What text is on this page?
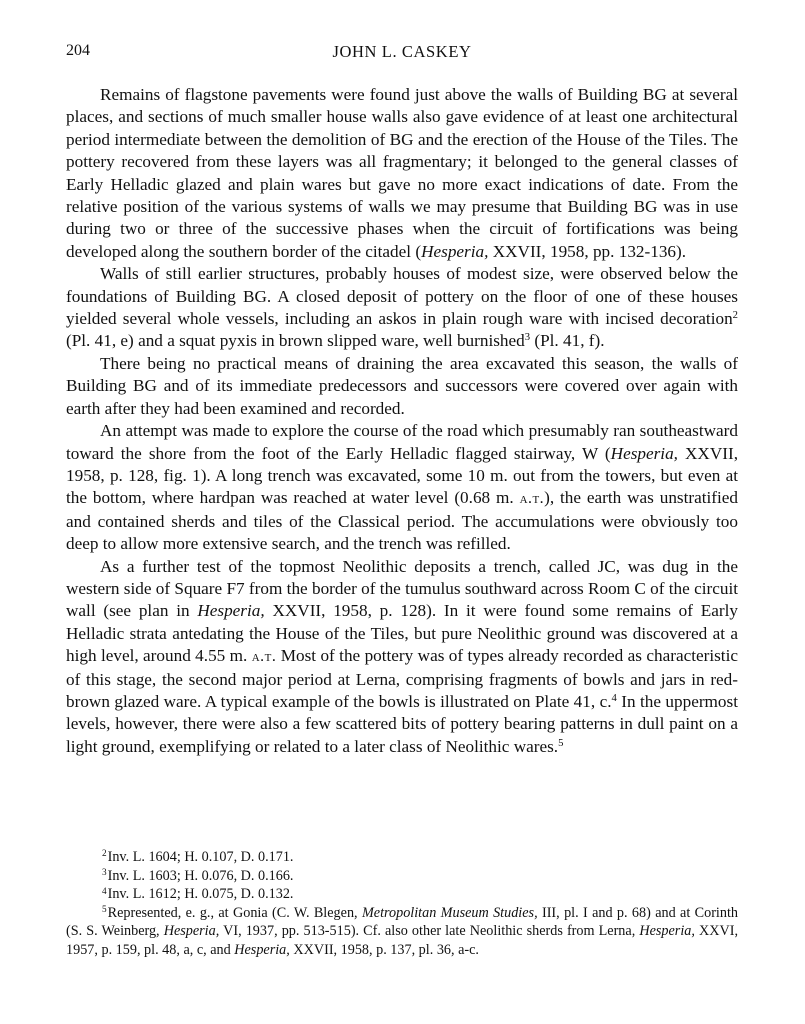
204	JOHN L. CASKEY

Remains of flagstone pavements were found just above the walls of Building BG at several places, and sections of much smaller house walls also gave evidence of at least one architectural period intermediate between the demolition of BG and the erection of the House of the Tiles. The pottery recovered from these layers was all fragmentary; it belonged to the general classes of Early Helladic glazed and plain wares but gave no more exact indications of date. From the relative position of the various systems of walls we may presume that Building BG was in use during two or three of the successive phases when the circuit of fortifications was being developed along the southern border of the citadel (Hesperia, XXVII, 1958, pp. 132-136).

Walls of still earlier structures, probably houses of modest size, were observed below the foundations of Building BG. A closed deposit of pottery on the floor of one of these houses yielded several whole vessels, including an askos in plain rough ware with incised decoration$^2$ (Pl. 41, e) and a squat pyxis in brown slipped ware, well burnished$^3$ (Pl. 41, f).

There being no practical means of draining the area excavated this season, the walls of Building BG and of its immediate predecessors and successors were covered over again with earth after they had been examined and recorded.

An attempt was made to explore the course of the road which presumably ran southeastward toward the shore from the foot of the Early Helladic flagged stairway, W (Hesperia, XXVII, 1958, p. 128, fig. 1). A long trench was excavated, some 10 m. out from the towers, but even at the bottom, where hardpan was reached at water level (0.68 m. a.t.), the earth was unstratified and contained sherds and tiles of the Classical period. The accumulations were obviously too deep to allow more extensive search, and the trench was refilled.

As a further test of the topmost Neolithic deposits a trench, called JC, was dug in the western side of Square F7 from the border of the tumulus southward across Room C of the circuit wall (see plan in Hesperia, XXVII, 1958, p. 128). In it were found some remains of Early Helladic strata antedating the House of the Tiles, but pure Neolithic ground was discovered at a high level, around 4.55 m. a.t. Most of the pottery was of types already recorded as characteristic of this stage, the second major period at Lerna, comprising fragments of bowls and jars in red-brown glazed ware. A typical example of the bowls is illustrated on Plate 41, c.$^4$ In the uppermost levels, however, there were also a few scattered bits of pottery bearing patterns in dull paint on a light ground, exemplifying or related to a later class of Neolithic wares.$^5$

$^2$Inv. L. 1604; H. 0.107, D. 0.171.

$^3$Inv. L. 1603; H. 0.076, D. 0.166.

$^4$Inv. L. 1612; H. 0.075, D. 0.132.

$^5$Represented, e. g., at Gonia (C. W. Blegen, Metropolitan Museum Studies, III, pl. I and p. 68) and at Corinth (S. S. Weinberg, Hesperia, VI, 1937, pp. 513-515). Cf. also other late Neolithic sherds from Lerna, Hesperia, XXVI, 1957, p. 159, pl. 48, a, c, and Hesperia, XXVII, 1958, p. 137, pl. 36, a-c.
